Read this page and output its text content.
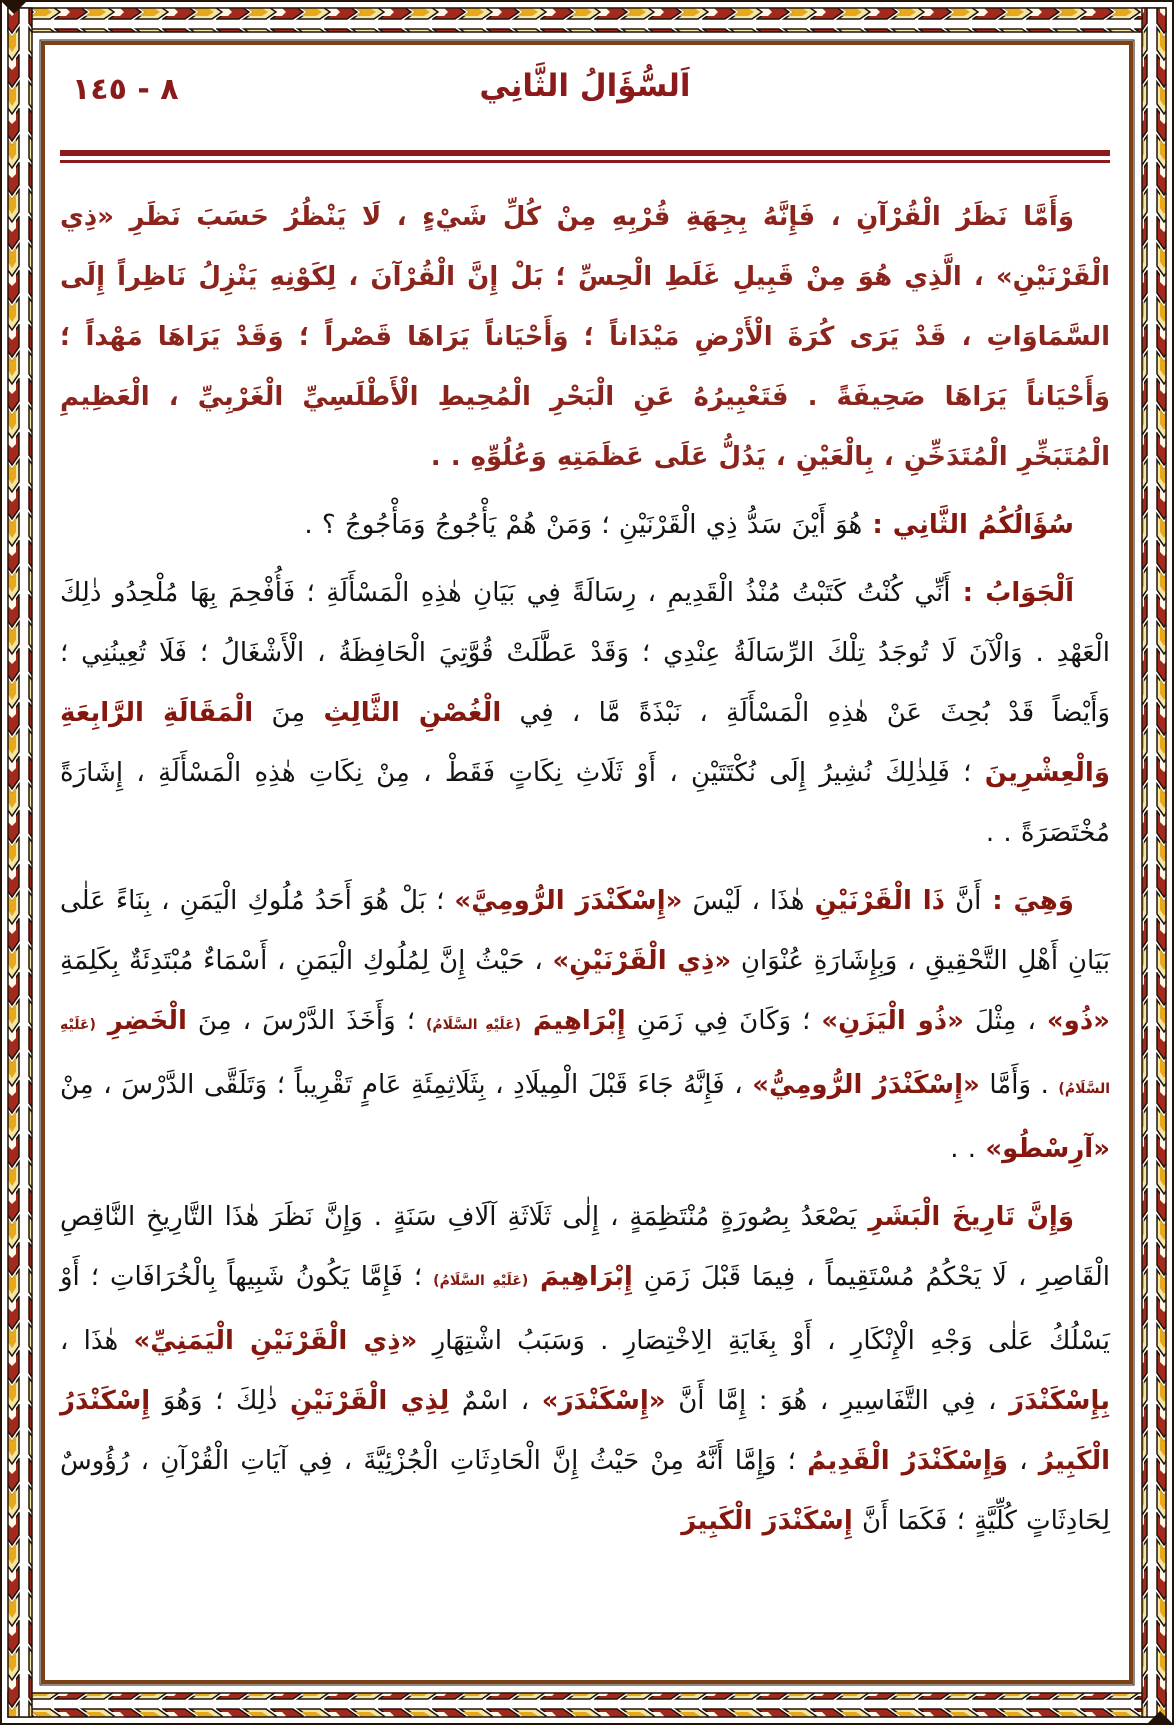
٨ - ١٤٥	اَلسُّؤَالُ الثَّانِي

وَأَمَّا نَظَرُ الْقُرْآنِ ، فَإِنَّهُ بِجِهَةِ قُرْبِهِ مِنْ كُلِّ شَيْءٍ ، لَا يَنْظُرُ حَسَبَ نَظَرِ «ذِي الْقَرْنَيْنِ» ، الَّذِي هُوَ مِنْ قَبِيلِ غَلَطِ الْحِسِّ ؛ بَلْ إِنَّ الْقُرْآنَ ، لِكَوْنِهِ يَنْزِلُ نَاظِراً إِلَى السَّمَاوَاتِ ، قَدْ يَرَى كُرَةَ الْأَرْضِ مَيْدَاناً ؛ وَأَحْيَاناً يَرَاهَا قَصْراً ؛ وَقَدْ يَرَاهَا مَهْداً ؛ وَأَحْيَاناً يَرَاهَا صَحِيفَةً . فَتَعْبِيرُهُ عَنِ الْبَحْرِ الْمُحِيطِ الْأَطْلَسِيِّ الْغَرْبِيِّ ، الْعَظِيمِ الْمُتَبَخِّرِ الْمُتَدَخِّنِ ، بِالْعَيْنِ ، يَدُلُّ عَلَى عَظَمَتِهِ وَعُلُوِّهِ . .

سُؤَالُكُمُ الثَّانِي : هُوَ أَيْنَ سَدُّ ذِي الْقَرْنَيْنِ ؛ وَمَنْ هُمْ يَأْجُوجُ وَمَأْجُوجُ ؟ .

اَلْجَوَابُ : أَنِّي كُنْتُ كَتَبْتُ مُنْذُ الْقَدِيمِ ، رِسَالَةً فِي بَيَانِ هٰذِهِ الْمَسْأَلَةِ ؛ فَأُفْحِمَ بِهَا مُلْحِدُو ذٰلِكَ الْعَهْدِ . وَالْآنَ لَا تُوجَدُ تِلْكَ الرِّسَالَةُ عِنْدِي ؛ وَقَدْ عَطَّلَتْ قُوَّتِيَ الْحَافِظَةُ ، الْأَشْغَالُ ؛ فَلَا تُعِينُنِي ؛ وَأَيْضاً قَدْ بُحِثَ عَنْ هٰذِهِ الْمَسْأَلَةِ ، نَبْذَةً مَّا ، فِي الْغُصْنِ الثَّالِثِ مِنَ الْمَقَالَةِ الرَّابِعَةِ وَالْعِشْرِينَ ؛ فَلِذٰلِكَ نُشِيرُ إِلَى نُكْتَتَيْنِ ، أَوْ ثَلَاثِ نِكَاتٍ فَقَطْ ، مِنْ نِكَاتِ هٰذِهِ الْمَسْأَلَةِ ، إِشَارَةً مُخْتَصَرَةً . .

وَهِيَ : أَنَّ ذَا الْقَرْنَيْنِ هٰذَا ، لَيْسَ «إِسْكَنْدَرَ الرُّومِيَّ» ؛ بَلْ هُوَ أَحَدُ مُلُوكِ الْيَمَنِ ، بِنَاءً عَلٰى بَيَانِ أَهْلِ التَّحْقِيقِ ، وَبِإِشَارَةِ عُنْوَانِ «ذِي الْقَرْنَيْنِ» ، حَيْثُ إِنَّ لِمُلُوكِ الْيَمَنِ ، أَسْمَاءٌ مُبْتَدِئَةٌ بِكَلِمَةِ «ذُو» ، مِثْلَ «ذُو الْيَزَنِ» ؛ وَكَانَ فِي زَمَنِ إِبْرَاهِيمَ (عَلَيْهِ السَّلَامُ) ؛ وَأَخَذَ الدَّرْسَ ، مِنَ الْخَضِرِ (عَلَيْهِ السَّلَامُ) . وَأَمَّا «إِسْكَنْدَرُ الرُّومِيُّ» ، فَإِنَّهُ جَاءَ قَبْلَ الْمِيلَادِ ، بِثَلَاثِمِئَةِ عَامٍ تَقْرِيباً ؛ وَتَلَقَّى الدَّرْسَ ، مِنْ «آرِسْطُو» . .

وَإِنَّ تَارِيخَ الْبَشَرِ يَصْعَدُ بِصُورَةٍ مُنْتَظِمَةٍ ، إِلٰى ثَلَاثَةِ آلَافِ سَنَةٍ . وَإِنَّ نَظَرَ هٰذَا التَّارِيخِ النَّاقِصِ الْقَاصِرِ ، لَا يَحْكُمُ مُسْتَقِيماً ، فِيمَا قَبْلَ زَمَنِ إِبْرَاهِيمَ (عَلَيْهِ السَّلَامُ) ؛ فَإِمَّا يَكُونُ شَبِيهاً بِالْخُرَافَاتِ ؛ أَوْ يَسْلُكُ عَلٰى وَجْهِ الْإِنْكَارِ ، أَوْ بِغَايَةِ الِاخْتِصَارِ . وَسَبَبُ اشْتِهَارِ «ذِي الْقَرْنَيْنِ الْيَمَنِيِّ» هٰذَا ، بِإِسْكَنْدَرَ ، فِي التَّفَاسِيرِ ، هُوَ : إِمَّا أَنَّ «إِسْكَنْدَرَ» ، اسْمٌ لِذِي الْقَرْنَيْنِ ذٰلِكَ ؛ وَهُوَ إِسْكَنْدَرُ الْكَبِيرُ ، وَإِسْكَنْدَرُ الْقَدِيمُ ؛ وَإِمَّا أَنَّهُ مِنْ حَيْثُ إِنَّ الْحَادِثَاتِ الْجُزْئِيَّةَ ، فِي آيَاتِ الْقُرْآنِ ، رُؤُوسٌ لِحَادِثَاتٍ كُلِّيَّةٍ ؛ فَكَمَا أَنَّ إِسْكَنْدَرَ الْكَبِيرَ
